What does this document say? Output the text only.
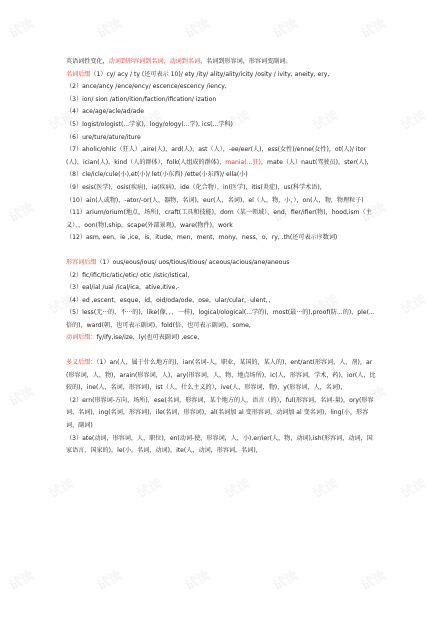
英语词性变化，动词到形容词到名词，动词到名词，名词到形容词，形容词变副词。

名词后缀（1）cy/ acy / ty (还可表示 10)/ ety /ity/ ality/ality/icity /osity / ivity, aneity, ery,

（2）ance/ancy /ence/ency/ escence/escency /iency,

（3）ion/ sion /ation/ition/faction/ification/ ization

（4）ace/age/acle/ad/ade

（5）logist/ologist(...学家)，logy/ology(...学), ics(...学科)

（6）ure/ture/ature/iture

（7）aholic/ohlic（狂人）,aire(人)，ard(人)，ast（人），-ee/eer(人)，ess(女性)/enne(女性)，ot(人)/ itor(人)，ician(人)，kind（人的群体），folk(人组成的群体)，mania(...狂)，mate（人）naut(驾驶员)，ster(人),

（8）cle/icle/cule(小),et(小)/ let(小东西) /ette(小东西)/ ella(小)

（9）esis(医学)，osis(疾病)，ia(疾病)，ide（化合物），in(医学)，itis(炎症)，us(科学术语)，

（10）ain(人或物)，-ator/-or(人，器物，名词)，eur(人，名词)，el（人，物，小，），on(人，物，物理粒子)

（11）arium/orium(地点，场所)，craft(工具和技能)，dom（某一领域），end，fier/ifier(物)，hood,ism（主义），，oon(物),ship，scape(外部景观)，ware(物件)，work

（12）asm, een，ie ,ice，is，itude，men，ment，mony，ness，o，ry, .th(还可表示序数词)

形容词后缀（1）ous/eous/ious/ uos/tious/itious/ aceous/acious/ane/aneous

（2）fic/ific/tic/atic/etic/ otic /istic/istical，

（3）eal/ial /ual /ical/ica，ative,itive,-

（4）ed ,escent，esque，id，oid/oda/ode，ose，ular/cular，ulent，，

（5）less(无···的，不···的)，like(像，，，一样)，logical/ological(...学的)，most(最···的),proof(防...的)，ple(...倍的)，ward(朝，也可表示副词)，fold(倍，也可表示副词)，some,

动词后缀：fy/ify,ise/ize，ly(也可表副词) ,esce，

多义后缀：（1）an(人，属于什么地方的)，ian(名词-人，职业，某国的，某人的)，ent/ant(形容词，人，剂)，ar(形容词，人，物)，arain(形容词，人)，ary(形容词，人，物，地点场所)，ic(人，形容词，学术，药)，ior(人，比较的)，ine(人，名词，形容词)，ist（人，什么主义的），ive(人，形容词，物)，y(形容词，人，名词)，

（2）ern(形容词-方向，场所)，ese(名词，形容词，某个地方的人，语言（的），ful(形容词，名词-量)，ory(形容词，名词)，ing(名词，形容词)，ile(名词，形容词)，al(名词加 al 变形容词，动词加 al 变名词)，ling(小，形容词，副词)

（3）ate(动词，形容词，人，职位)，en(动词-使，形容词，人，小),er/ier(人，物，动词),ish(形容词，动词，国家语言，国家的)，le(小，名词，动词)，ite(人，动词，形容词，名词)，
